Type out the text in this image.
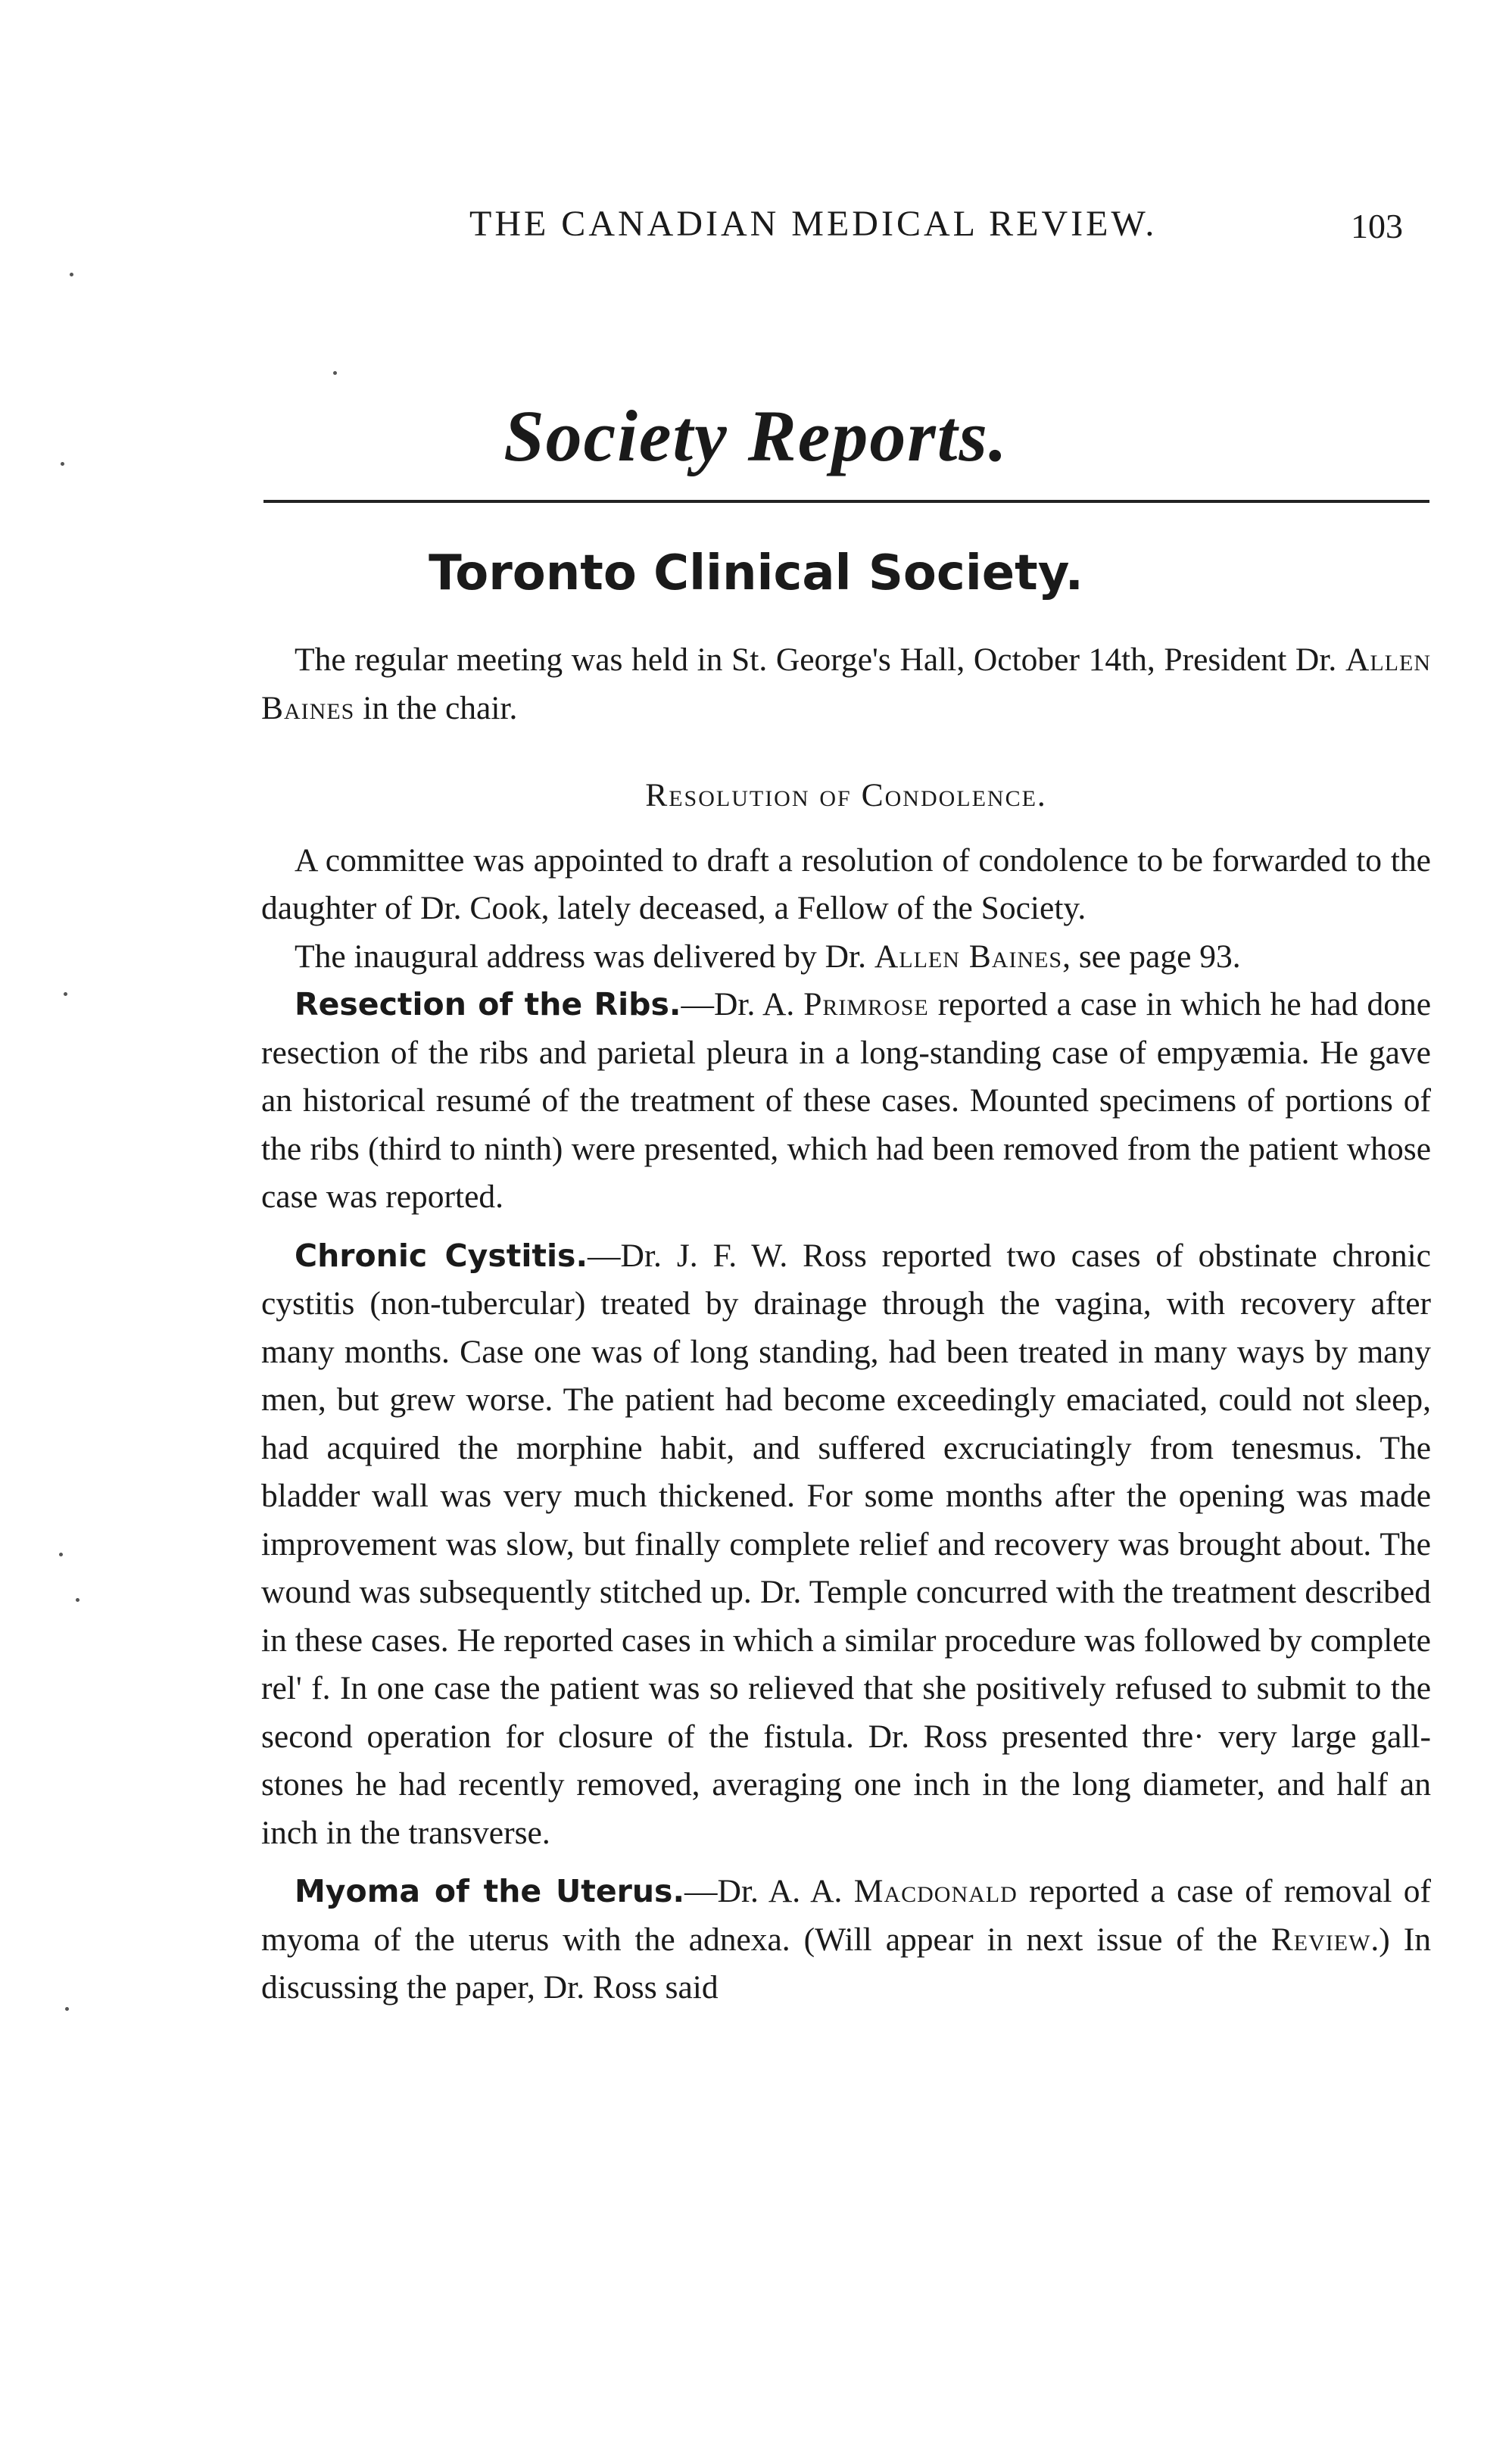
THE CANADIAN MEDICAL REVIEW.	103
Society Reports.
Toronto Clinical Society.

The regular meeting was held in St. George's Hall, October 14th, President Dr. Allen Baines in the chair.

Resolution of Condolence.

A committee was appointed to draft a resolution of condolence to be forwarded to the daughter of Dr. Cook, lately deceased, a Fellow of the Society.

The inaugural address was delivered by Dr. Allen Baines, see page 93.

Resection of the Ribs.—Dr. A. Primrose reported a case in which he had done resection of the ribs and parietal pleura in a long-standing case of empyæmia. He gave an historical resumé of the treatment of these cases. Mounted specimens of portions of the ribs (third to ninth) were presented, which had been removed from the patient whose case was reported.

Chronic Cystitis.—Dr. J. F. W. Ross reported two cases of obstinate chronic cystitis (non-tubercular) treated by drainage through the vagina, with recovery after many months. Case one was of long standing, had been treated in many ways by many men, but grew worse. The patient had become exceedingly emaciated, could not sleep, had acquired the morphine habit, and suffered excruciatingly from tenesmus. The bladder wall was very much thickened. For some months after the opening was made improvement was slow, but finally complete relief and recovery was brought about. The wound was subsequently stitched up. Dr. Temple concurred with the treatment described in these cases. He reported cases in which a similar procedure was followed by complete rel' f. In one case the patient was so relieved that she positively refused to submit to the second operation for closure of the fistula. Dr. Ross presented thre· very large gall-stones he had recently removed, averaging one inch in the long diameter, and half an inch in the transverse.

Myoma of the Uterus.—Dr. A. A. Macdonald reported a case of removal of myoma of the uterus with the adnexa. (Will appear in next issue of the Review.) In discussing the paper, Dr. Ross said
